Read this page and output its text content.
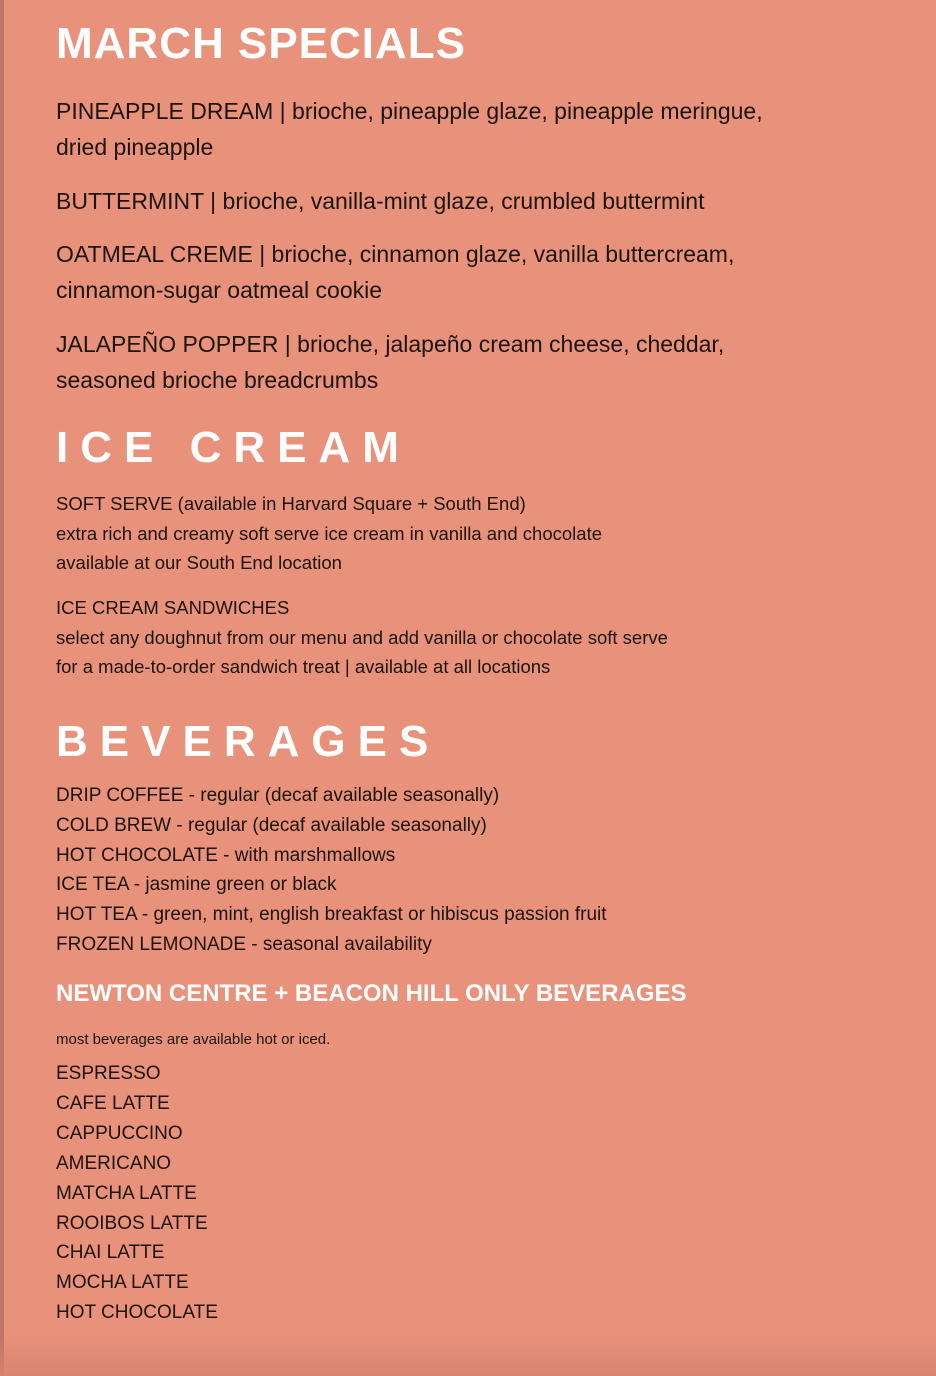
MARCH SPECIALS

PINEAPPLE DREAM | brioche, pineapple glaze, pineapple meringue, dried pineapple

BUTTERMINT | brioche, vanilla-mint glaze, crumbled buttermint

OATMEAL CREME | brioche, cinnamon glaze, vanilla buttercream, cinnamon-sugar oatmeal cookie

JALAPEÑO POPPER | brioche, jalapeño cream cheese, cheddar, seasoned brioche breadcrumbs

ICE CREAM
SOFT SERVE (available in Harvard Square + South End)
extra rich and creamy soft serve ice cream in vanilla and chocolate
available at our South End location
ICE CREAM SANDWICHES
select any doughnut from our menu and add vanilla or chocolate soft serve
for a made-to-order sandwich treat | available at all locations
BEVERAGES
DRIP COFFEE - regular (decaf available seasonally)
COLD BREW - regular (decaf available seasonally)
HOT CHOCOLATE - with marshmallows
ICE TEA - jasmine green or black
HOT TEA - green, mint, english breakfast or hibiscus passion fruit
FROZEN LEMONADE - seasonal availability
NEWTON CENTRE + BEACON HILL ONLY BEVERAGES

most beverages are available hot or iced.

ESPRESSO
CAFE LATTE
CAPPUCCINO
AMERICANO
MATCHA LATTE
ROOIBOS LATTE
CHAI LATTE
MOCHA LATTE
HOT CHOCOLATE
